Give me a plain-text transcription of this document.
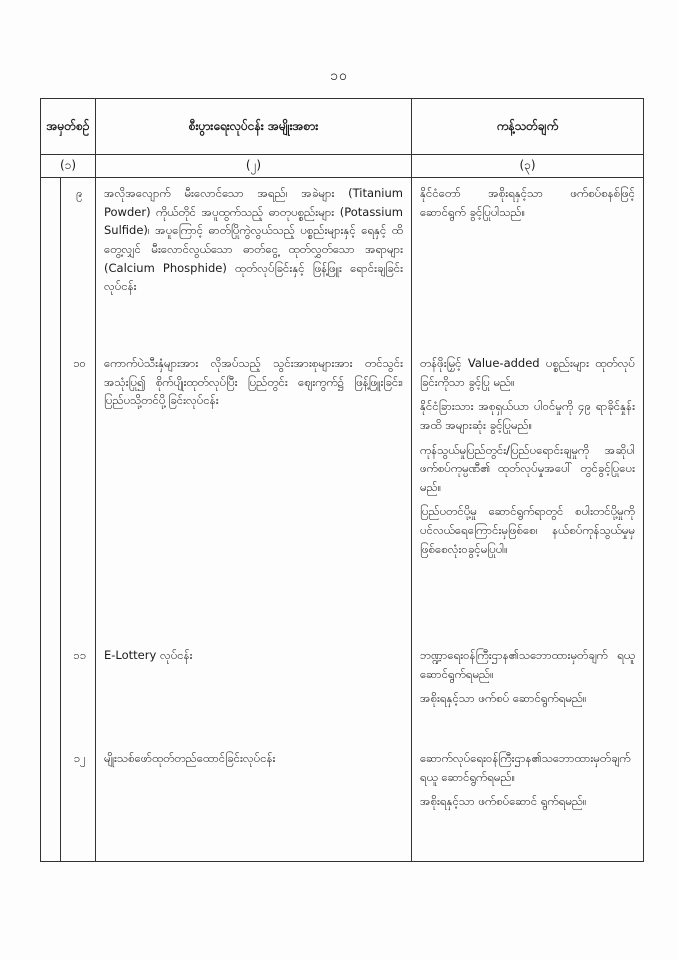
၁၀
အမှတ်စဉ်	စီးပွားရေးလုပ်ငန်း အမျိုးအစား	ကန့်သတ်ချက်
(၁)	(၂)	(၃)

၉	အလိုအလျောက် မီးလောင်သော အရည်၊ အခဲများ (Titanium Powder) ကိုယ်တိုင် အပူထွက်သည့် ဓာတုပစ္စည်းများ (Potassium Sulfide)၊ အပူကြောင့် ဓာတ်ပြိုကွဲလွယ်သည့် ပစ္စည်းများနှင့် ရေနှင့် ထိတွေ့လျှင် မီးလောင်လွယ်သော ဓာတ်ငွေ့ ထုတ်လွှတ်သော အရာများ (Calcium Phosphide) ထုတ်လုပ်ခြင်းနှင့် ဖြန့်ဖြူး ရောင်းချခြင်းလုပ်ငန်း	နိုင်ငံတော် အစိုးရနှင့်သာ ဖက်စပ်စနစ်ဖြင့် ဆောင်ရွက် ခွင့်ပြုပါသည်။

၁၀	ကောက်ပဲသီးနှံများအား လိုအပ်သည့် သွင်းအားစုများအား တင်သွင်းအသုံးပြု၍ စိုက်ပျိုးထုတ်လုပ်ပြီး ပြည်တွင်း ဈေးကွက်၌ ဖြန့်ဖြူးခြင်း၊ ပြည်ပသို့တင်ပို့ခြင်းလုပ်ငန်း	တန်ဖိုးမြှင့် Value-added ပစ္စည်းများ ထုတ်လုပ်ခြင်းကိုသာ ခွင့်ပြု မည်။
နိုင်ငံခြားသား အစုရှယ်ယာ ပါဝင်မှုကို ၄၉ ရာခိုင်နှုန်း အထိ အများဆုံး ခွင့်ပြုမည်။
ကုန်သွယ်မှုပြည်တွင်း/ပြည်ပရောင်းချမှုကို အဆိုပါ ဖက်စပ်ကုမ္ပဏီ၏ ထုတ်လုပ်မှုအပေါ် တွင်ခွင့်ပြုပေးမည်။
ပြည်ပတင်ပို့မှု ဆောင်ရွက်ရာတွင် စပါးတင်ပို့မှုကို ပင်လယ်ရေကြောင်းမှဖြစ်စေ၊ နယ်စပ်ကုန်သွယ်မှုမှ ဖြစ်စေလုံးဝခွင့်မပြုပါ။

၁၁	E-Lottery လုပ်ငန်း	ဘဏ္ဍာရေးဝန်ကြီးဌာန၏သဘောထားမှတ်ချက် ရယူ ဆောင်ရွက်ရမည်။
အစိုးရနှင့်သာ ဖက်စပ် ဆောင်ရွက်ရမည်။

၁၂	မျိုးသစ်ဖော်ထုတ်တည်ထောင်ခြင်းလုပ်ငန်း	ဆောက်လုပ်ရေးဝန်ကြီးဌာန၏သဘောထားမှတ်ချက်ရယူ ဆောင်ရွက်ရမည်။
အစိုးရနှင့်သာ ဖက်စပ်ဆောင် ရွက်ရမည်။
